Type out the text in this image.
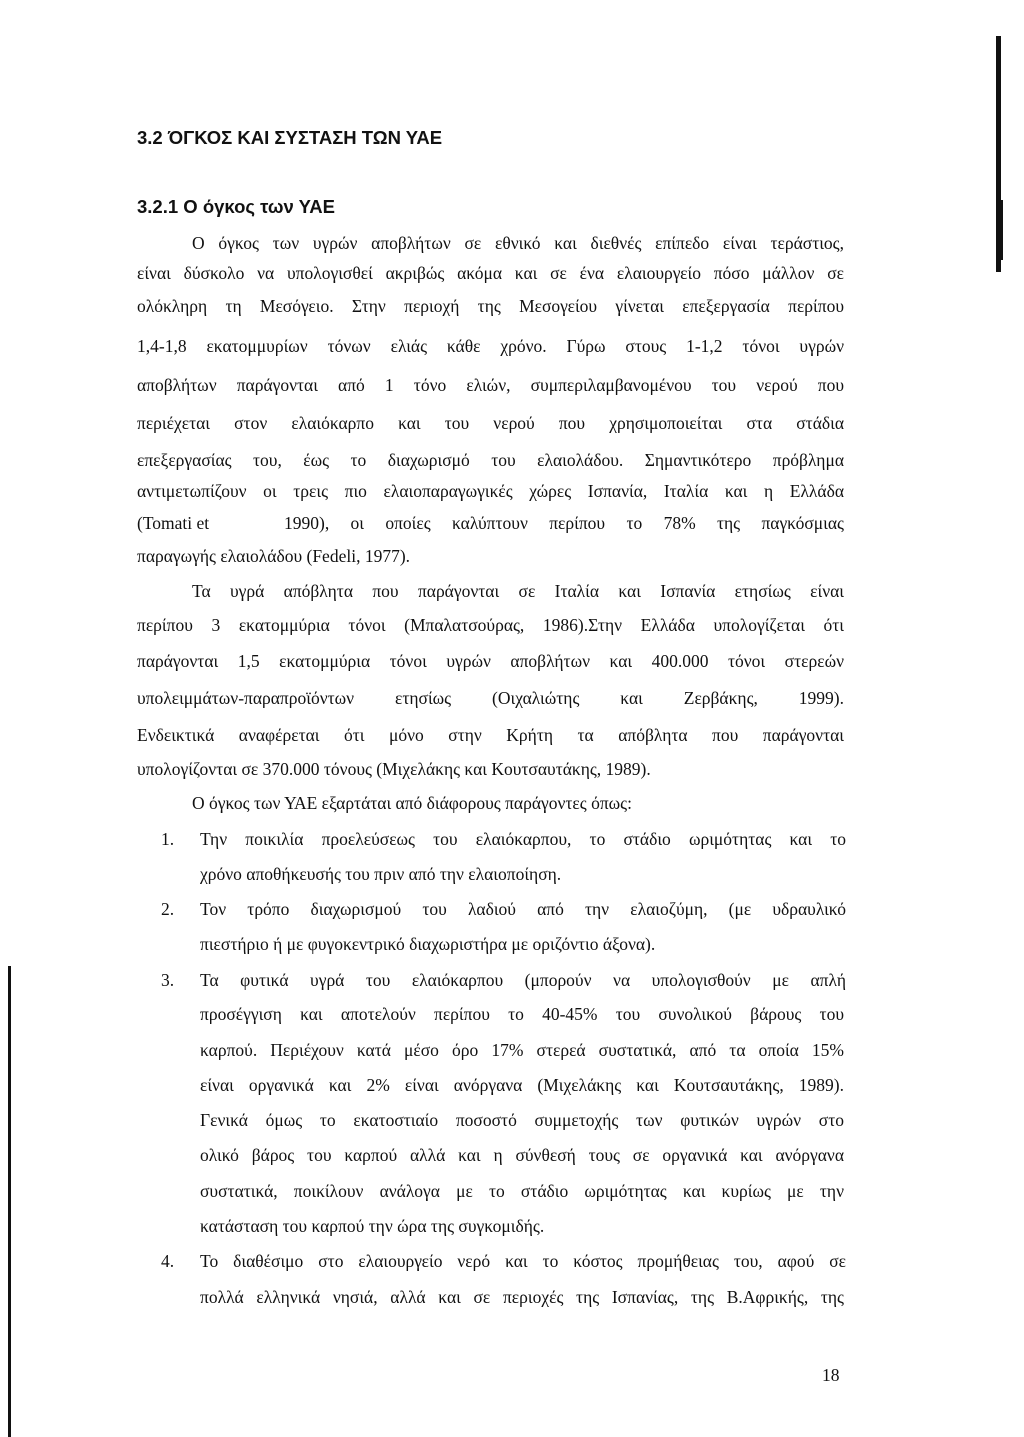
3.2 ΌΓΚΟΣ ΚΑΙ ΣΥΣΤΑΣΗ ΤΩΝ ΥΑΕ
3.2.1 Ο όγκος των ΥΑΕ
Ο όγκος των υγρών αποβλήτων σε εθνικό και διεθνές επίπεδο είναι τεράστιος,
είναι δύσκολο να υπολογισθεί ακριβώς ακόμα και σε ένα ελαιουργείο πόσο μάλλον σε
ολόκληρη τη Μεσόγειο. Στην περιοχή της Μεσογείου γίνεται επεξεργασία περίπου
1,4-1,8 εκατομμυρίων τόνων ελιάς κάθε χρόνο. Γύρω στους 1-1,2 τόνοι υγρών
αποβλήτων παράγονται από 1 τόνο ελιών, συμπεριλαμβανομένου του νερού που
περιέχεται στον ελαιόκαρπο και του νερού που χρησιμοποιείται στα στάδια
επεξεργασίας του, έως το διαχωρισμό του ελαιολάδου. Σημαντικότερο πρόβλημα
αντιμετωπίζουν οι τρεις πιο ελαιοπαραγωγικές χώρες Ισπανία, Ιταλία και η Ελλάδα
(Tomati et	1990), οι οποίες καλύπτουν περίπου το 78% της παγκόσμιας
παραγωγής ελαιολάδου (Fedeli, 1977).
Τα υγρά απόβλητα που παράγονται σε Ιταλία και Ισπανία ετησίως είναι
περίπου 3 εκατομμύρια τόνοι (Μπαλατσούρας, 1986).Στην Ελλάδα υπολογίζεται ότι
παράγονται 1,5 εκατομμύρια τόνοι υγρών αποβλήτων και 400.000 τόνοι στερεών
υπολειμμάτων-παραπροϊόντων ετησίως (Οιχαλιώτης και Ζερβάκης, 1999).
Ενδεικτικά αναφέρεται ότι μόνο στην Κρήτη τα απόβλητα που παράγονται
υπολογίζονται σε 370.000 τόνους (Μιχελάκης και Κουτσαυτάκης, 1989).
Ο όγκος των ΥΑΕ εξαρτάται από διάφορους παράγοντες όπως:
1.	Την ποικιλία προελεύσεως του ελαιόκαρπου, το στάδιο ωριμότητας και το
χρόνο αποθήκευσής του πριν από την ελαιοποίηση.
2.	Τον τρόπο διαχωρισμού του λαδιού από την ελαιοζύμη, (με υδραυλικό
πιεστήριο ή με φυγοκεντρικό διαχωριστήρα με οριζόντιο άξονα).
3.	Τα φυτικά υγρά του ελαιόκαρπου (μπορούν να υπολογισθούν με απλή
προσέγγιση και αποτελούν περίπου το 40-45% του συνολικού βάρους του
καρπού. Περιέχουν κατά μέσο όρο 17% στερεά συστατικά, από τα οποία 15%
είναι οργανικά και 2% είναι ανόργανα (Μιχελάκης και Κουτσαυτάκης, 1989).
Γενικά όμως το εκατοστιαίο ποσοστό συμμετοχής των φυτικών υγρών στο
ολικό βάρος του καρπού αλλά και η σύνθεσή τους σε οργανικά και ανόργανα
συστατικά, ποικίλουν ανάλογα με το στάδιο ωριμότητας και κυρίως με την
κατάσταση του καρπού την ώρα της συγκομιδής.
4.	Το διαθέσιμο στο ελαιουργείο νερό και το κόστος προμήθειας του, αφού σε
πολλά ελληνικά νησιά, αλλά και σε περιοχές της Ισπανίας, της Β.Αφρικής, της
18
